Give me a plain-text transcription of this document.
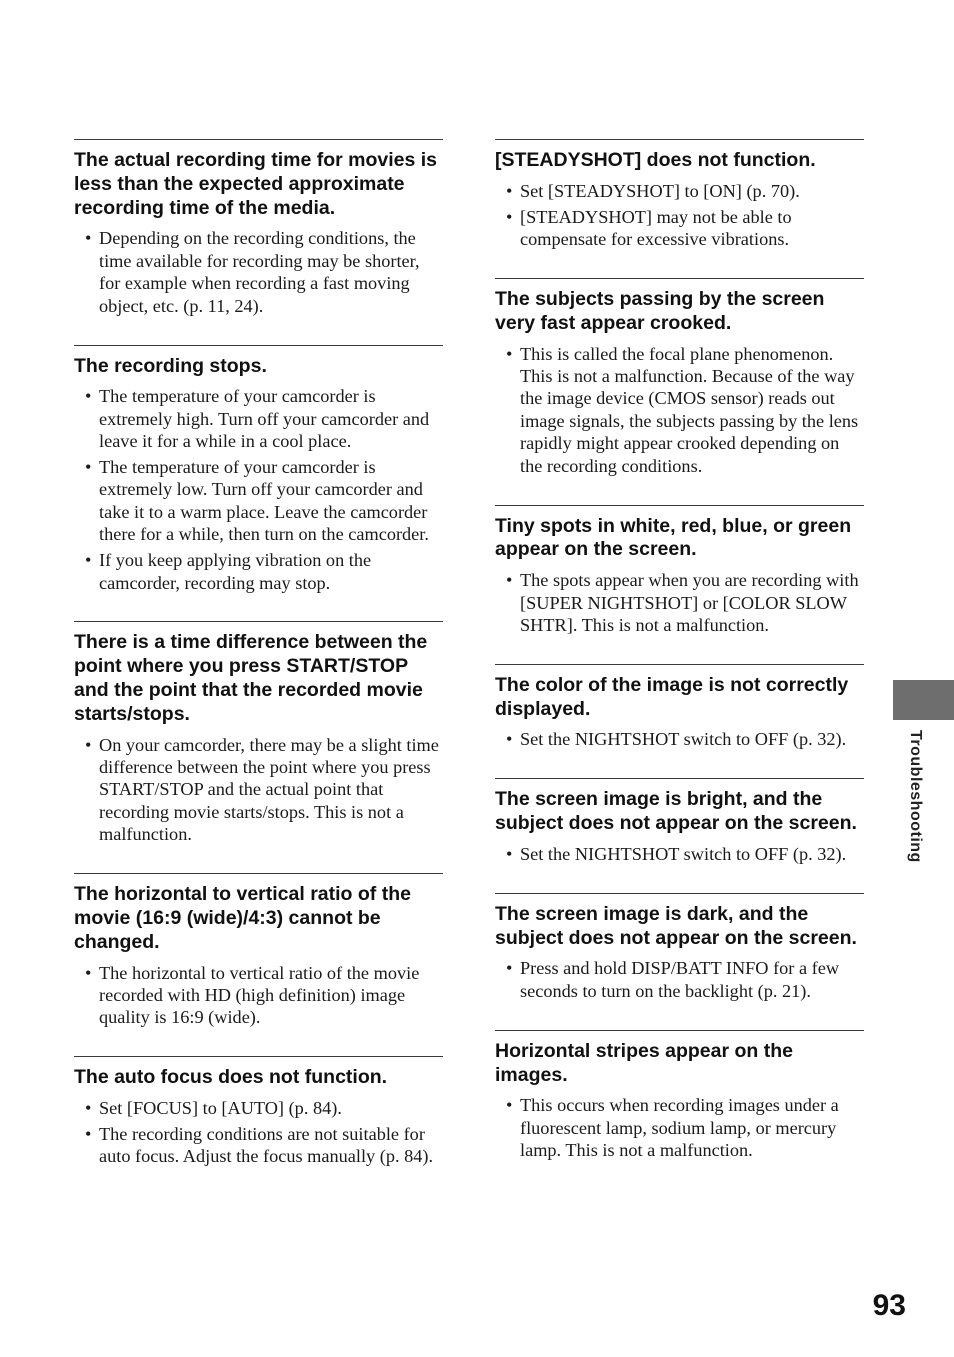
The actual recording time for movies is less than the expected approximate recording time of the media.
• Depending on the recording conditions, the time available for recording may be shorter, for example when recording a fast moving object, etc. (p. 11, 24).
The recording stops.
• The temperature of your camcorder is extremely high. Turn off your camcorder and leave it for a while in a cool place.
• The temperature of your camcorder is extremely low. Turn off your camcorder and take it to a warm place. Leave the camcorder there for a while, then turn on the camcorder.
• If you keep applying vibration on the camcorder, recording may stop.
There is a time difference between the point where you press START/STOP and the point that the recorded movie starts/stops.
• On your camcorder, there may be a slight time difference between the point where you press START/STOP and the actual point that recording movie starts/stops. This is not a malfunction.
The horizontal to vertical ratio of the movie (16:9 (wide)/4:3) cannot be changed.
• The horizontal to vertical ratio of the movie recorded with HD (high definition) image quality is 16:9 (wide).
The auto focus does not function.
• Set [FOCUS] to [AUTO] (p. 84).
• The recording conditions are not suitable for auto focus. Adjust the focus manually (p. 84).
[STEADYSHOT] does not function.
• Set [STEADYSHOT] to [ON] (p. 70).
• [STEADYSHOT] may not be able to compensate for excessive vibrations.
The subjects passing by the screen very fast appear crooked.
• This is called the focal plane phenomenon. This is not a malfunction. Because of the way the image device (CMOS sensor) reads out image signals, the subjects passing by the lens rapidly might appear crooked depending on the recording conditions.
Tiny spots in white, red, blue, or green appear on the screen.
• The spots appear when you are recording with [SUPER NIGHTSHOT] or [COLOR SLOW SHTR]. This is not a malfunction.
The color of the image is not correctly displayed.
• Set the NIGHTSHOT switch to OFF (p. 32).
The screen image is bright, and the subject does not appear on the screen.
• Set the NIGHTSHOT switch to OFF (p. 32).
The screen image is dark, and the subject does not appear on the screen.
• Press and hold DISP/BATT INFO for a few seconds to turn on the backlight (p. 21).
Horizontal stripes appear on the images.
• This occurs when recording images under a fluorescent lamp, sodium lamp, or mercury lamp. This is not a malfunction.
Troubleshooting
93
